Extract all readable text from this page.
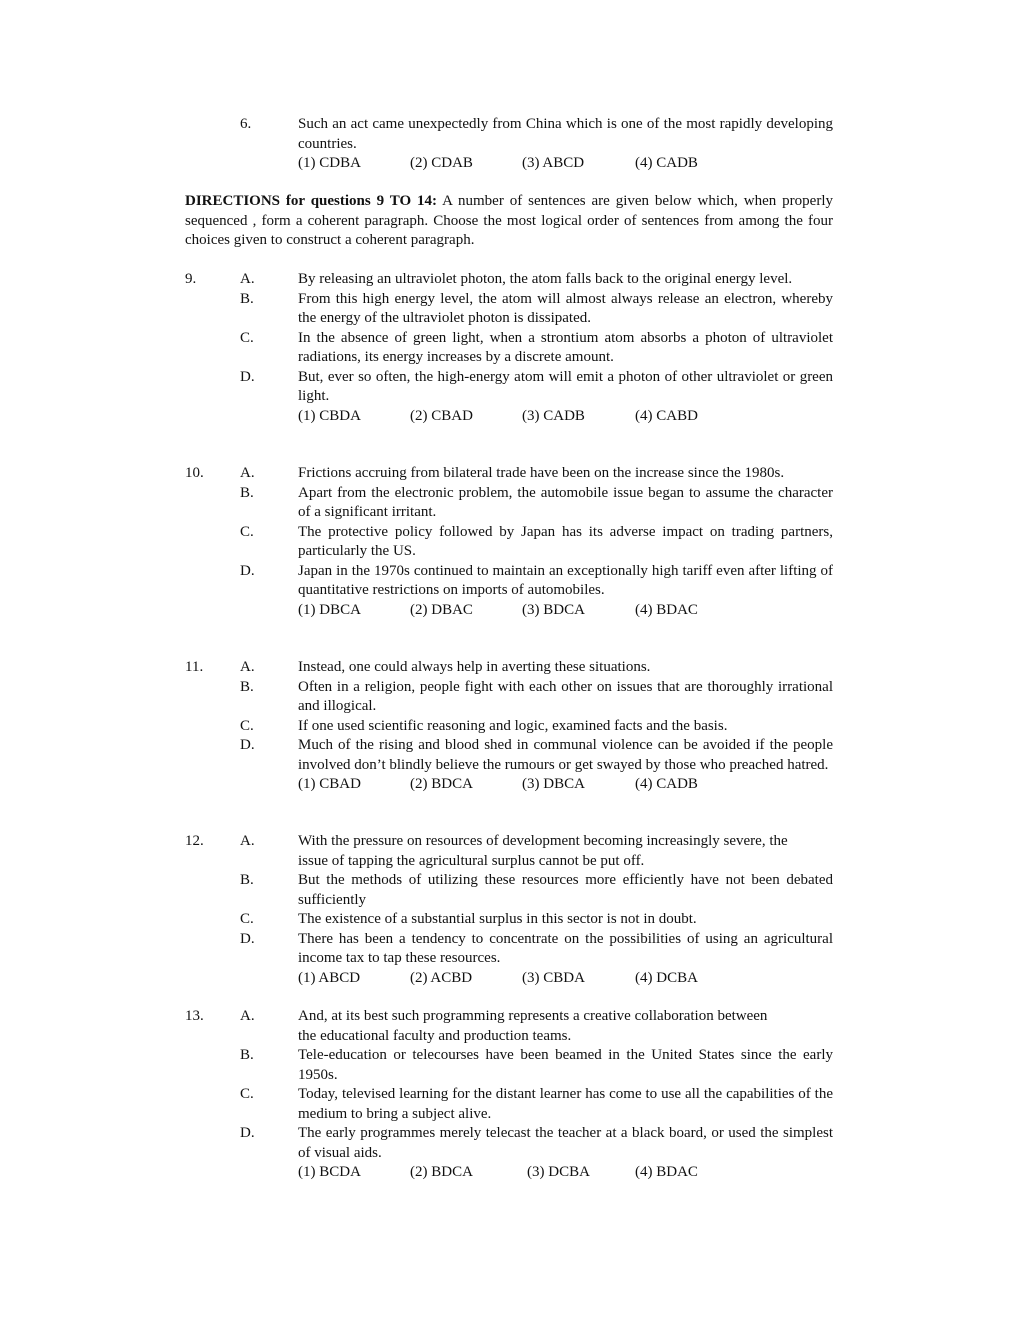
6.	Such an act came unexpectedly from China which is one of the most rapidly developing countries.
(1) CDBA	(2) CDAB	(3) ABCD	(4) CADB
DIRECTIONS for questions 9 TO 14: A number of sentences are given below which, when properly sequenced , form a coherent paragraph. Choose the most logical order of sentences from among the four choices given to construct a coherent paragraph.
9.	A.	By releasing an ultraviolet photon, the atom falls back to the original energy level.
B.	From this high energy level, the atom will almost always release an electron, whereby the energy of the ultraviolet photon is dissipated.
C.	In the absence of green light, when a strontium atom absorbs a photon of ultraviolet radiations, its energy increases by a discrete amount.
D.	But, ever so often, the high-energy atom will emit a photon of other ultraviolet or green light.
(1) CBDA	(2) CBAD	(3) CADB	(4) CABD
10. A.	Frictions accruing from bilateral trade have been on the increase since the 1980s.
B.	Apart from the electronic problem, the automobile issue began to assume the character of a significant irritant.
C.	The protective policy followed by Japan has its adverse impact on trading partners, particularly the US.
D.	Japan in the 1970s continued to maintain an exceptionally high tariff even after lifting of quantitative restrictions on imports of automobiles.
(1) DBCA	(2) DBAC	(3) BDCA	(4) BDAC
11. A.	Instead, one could always help in averting these situations.
B.	Often in a religion, people fight with each other on issues that are thoroughly irrational and illogical.
C.	If one used scientific reasoning and logic, examined facts and the basis.
D.	Much of the rising and blood shed in communal violence can be avoided if the people involved don’t blindly believe the rumours or get swayed by those who preached hatred.
(1) CBAD	(2) BDCA	(3) DBCA	(4) CADB
12. A.	With the pressure on resources of development becoming increasingly severe, the issue of tapping the agricultural surplus cannot be put off.
B.	But the methods of utilizing these resources more efficiently have not been debated sufficiently
C.	The existence of a substantial surplus in this sector is not in doubt.
D.	There has been a tendency to concentrate on the possibilities of using an agricultural income tax to tap these resources.
(1) ABCD	(2) ACBD	(3) CBDA	(4) DCBA
13. A.	And, at its best such programming represents a creative collaboration between the educational faculty and production teams.
B.	Tele-education or telecourses have been beamed in the United States since the early 1950s.
C.	Today, televised learning for the distant learner has come to use all the capabilities of the medium to bring a subject alive.
D.	The early programmes merely telecast the teacher at a black board, or used the simplest of visual aids.
(1) BCDA	(2) BDCA	(3) DCBA	(4) BDAC
